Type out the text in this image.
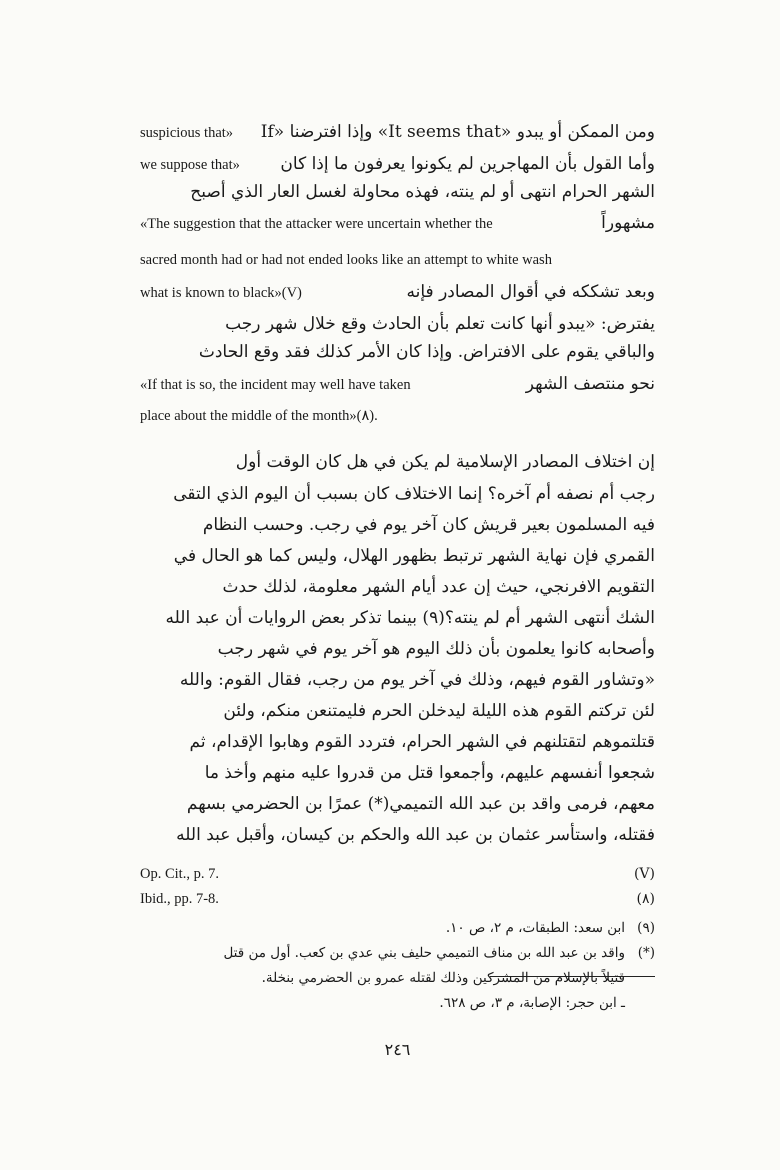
ومن الممكن أو يبدو «It seems that» وإذا افترضنا «If
suspicious that»
وأما القول بأن المهاجرين لم يكونوا يعرفون ما إذا كان
we suppose that»
الشهر الحرام انتهى أو لم ينته، فهذه محاولة لغسل العار الذي أصبح
مشهوراً
«The suggestion that the attacker were uncertain whether the
sacred month had or had not ended looks like an attempt to white wash
وبعد تشككه في أقوال المصادر فإنه
what is known to black»(V)
يفترض: «يبدو أنها كانت تعلم بأن الحادث وقع خلال شهر رجب
والباقي يقوم على الافتراض. وإذا كان الأمر كذلك فقد وقع الحادث
نحو منتصف الشهر
«If that is so, the incident may well have taken
place about the middle of the month»(٨).
إن اختلاف المصادر الإسلامية لم يكن في هل كان الوقت أول
رجب أم نصفه أم آخره؟ إنما الاختلاف كان بسبب أن اليوم الذي التقى
فيه المسلمون بعير قريش كان آخر يوم في رجب. وحسب النظام
القمري فإن نهاية الشهر ترتبط بظهور الهلال، وليس كما هو الحال في
التقويم الافرنجي، حيث إن عدد أيام الشهر معلومة، لذلك حدث
الشك أنتهى الشهر أم لم ينته؟(٩) بينما تذكر بعض الروايات أن عبد الله
وأصحابه كانوا يعلمون بأن ذلك اليوم هو آخر يوم في شهر رجب
«وتشاور القوم فيهم، وذلك في آخر يوم من رجب، فقال القوم: والله
لئن تركتم القوم هذه الليلة ليدخلن الحرم فليمتنعن منكم، ولئن
قتلتموهم لتقتلنهم في الشهر الحرام، فتردد القوم وهابوا الإقدام، ثم
شجعوا أنفسهم عليهم، وأجمعوا قتل من قدروا عليه منهم وأخذ ما
معهم، فرمى واقد بن عبد الله التميمي(*) عمرًا بن الحضرمي بسهم
فقتله، واستأسر عثمان بن عبد الله والحكم بن كيسان، وأقبل عبد الله
Op. Cit., p. 7.	(V)
Ibid., pp. 7-8.	(٨)
(٩)ابن سعد: الطبقات، م ٢، ص ١٠.
(*)واقد بن عبد الله بن مناف التميمي حليف بني عدي بن كعب. أول من قتل
قتيلاً بالإسلام من المشركين وذلك لقتله عمرو بن الحضرمي بنخلة.
ـ ابن حجر: الإصابة، م ٣، ص ٦٢٨.
٢٤٦
